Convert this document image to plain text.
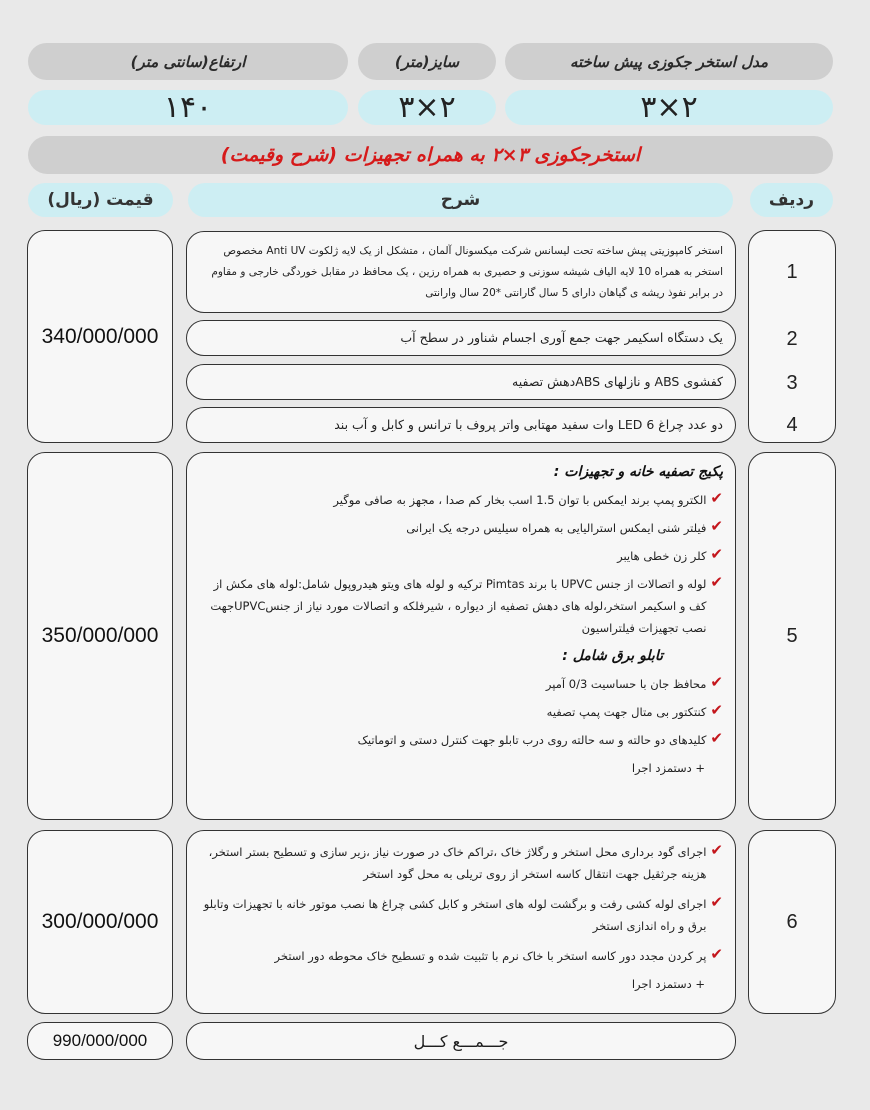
مدل استخر جکوزی پیش ساخته
سایز(متر)
ارتفاع(سانتی متر)
۳×۲
۳×۲
۱۴۰
استخرجکوزی ۳×۲ به همراه تجهیزات (شرح وقیمت)
ردیف
شرح
قیمت (ریال)
1
2
3
4
5
6
استخر کامپوزیتی پیش ساخته تحت لیسانس شرکت میکسونال آلمان ، متشکل از یک لایه ژلکوت Anti UV مخصوص
استخر به همراه 10 لایه الیاف شیشه سوزنی و حصیری به همراه رزین ، یک محافظ در مقابل خوردگی خارجی و مقاوم
در برابر نفوذ ریشه ی گیاهان دارای 5 سال گارانتی *20 سال وارانتی
یک دستگاه اسکیمر جهت جمع آوری اجسام شناور در سطح آب
کفشوی ABS و نازلهای ABSدهش تصفیه
دو عدد چراغ LED 6 وات سفید مهتابی واتر پروف با ترانس و کابل و آب بند
پکیج تصفیه خانه و تجهیزات :
✔
الکترو پمپ برند ایمکس با توان 1.5 اسب بخار کم صدا ، مجهز به صافی موگیر
✔
فیلتر شنی ایمکس استرالیایی به همراه سیلیس درجه یک ایرانی
✔
کلر زن خطی هایبر
✔
لوله و اتصالات از جنس UPVC با برند Pimtas ترکیه و لوله های ویتو هیدروپول شامل:لوله های مکش از کف و اسکیمر استخر،لوله های دهش تصفیه از دیواره ، شیرفلکه و اتصالات مورد نیاز از جنسUPVCجهت نصب تجهیزات فیلتراسیون
تابلو برق شامل :
✔
محافظ جان با حساسیت 0/3 آمپر
✔
کنتکتور بی متال جهت پمپ تصفیه
✔
کلیدهای دو حالته و سه حالته روی درب تابلو جهت کنترل دستی و اتوماتیک
+ دستمزد اجرا
✔
اجرای گود برداری محل استخر و رگلاژ خاک ،تراکم خاک در صورت نیاز ،زیر سازی و تسطیح بستر استخر، هزینه جرثقیل جهت انتقال کاسه استخر از روی تریلی به محل گود استخر
✔
اجرای لوله کشی رفت و برگشت لوله های استخر و کابل کشی چراغ ها نصب موتور خانه با تجهیزات وتابلو برق و راه اندازی استخر
✔
پر کردن مجدد دور کاسه استخر با خاک نرم با تثبیت شده و تسطیح خاک محوطه دور استخر
+ دستمزد اجرا
340/000/000
350/000/000
300/000/000
جـــمـــع کـــل
990/000/000
